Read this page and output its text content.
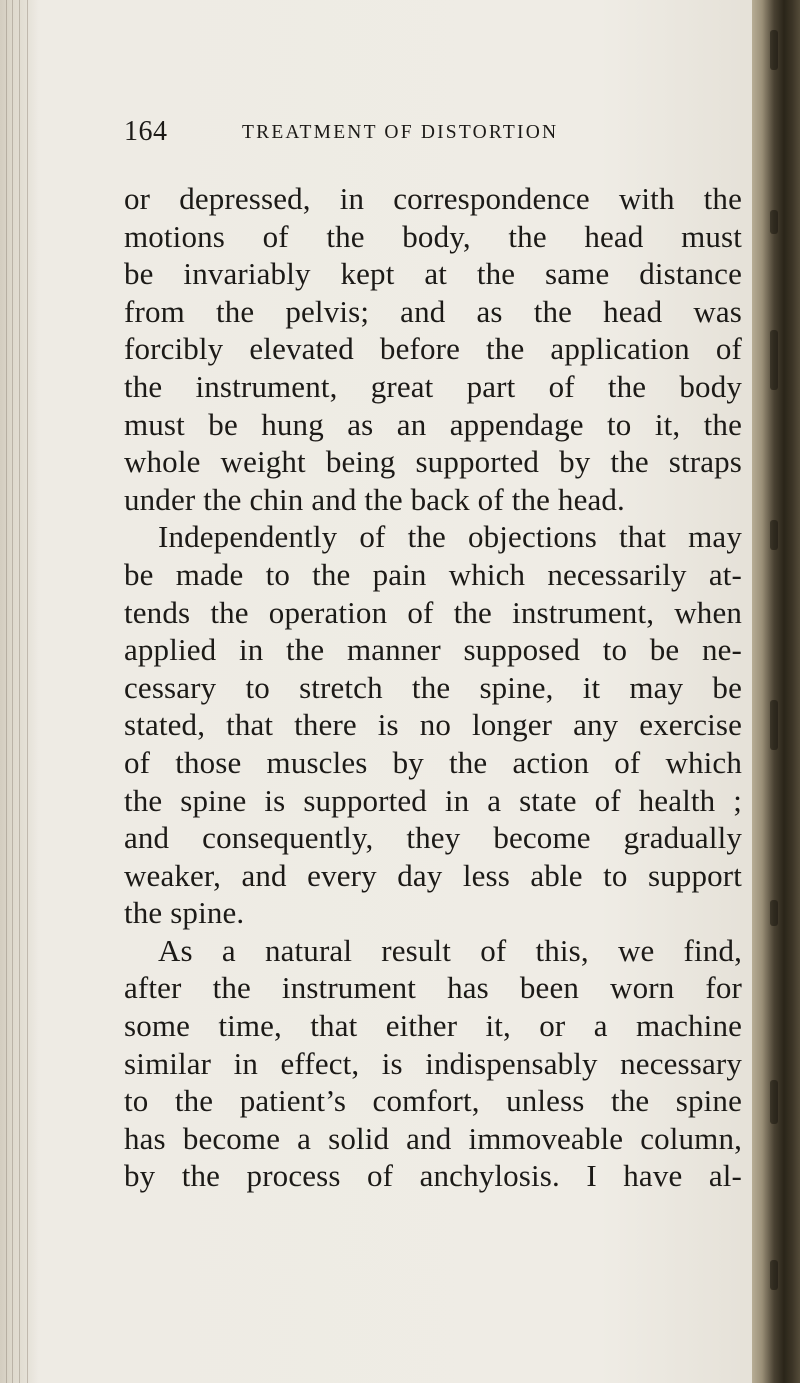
164	TREATMENT OF DISTORTION
or depressed, in correspondence with the
motions of the body, the head must
be invariably kept at the same distance
from the pelvis; and as the head was
forcibly elevated before the application of
the instrument, great part of the body
must be hung as an appendage to it, the
whole weight being supported by the straps
under the chin and the back of the head.
Independently of the objections that may
be made to the pain which necessarily at-
tends the operation of the instrument, when
applied in the manner supposed to be ne-
cessary to stretch the spine, it may be
stated, that there is no longer any exercise
of those muscles by the action of which
the spine is supported in a state of health ;
and consequently, they become gradually
weaker, and every day less able to support
the spine.
As a natural result of this, we find,
after the instrument has been worn for
some time, that either it, or a machine
similar in effect, is indispensably necessary
to the patient’s comfort, unless the spine
has become a solid and immoveable column,
by the process of anchylosis. I have al-
